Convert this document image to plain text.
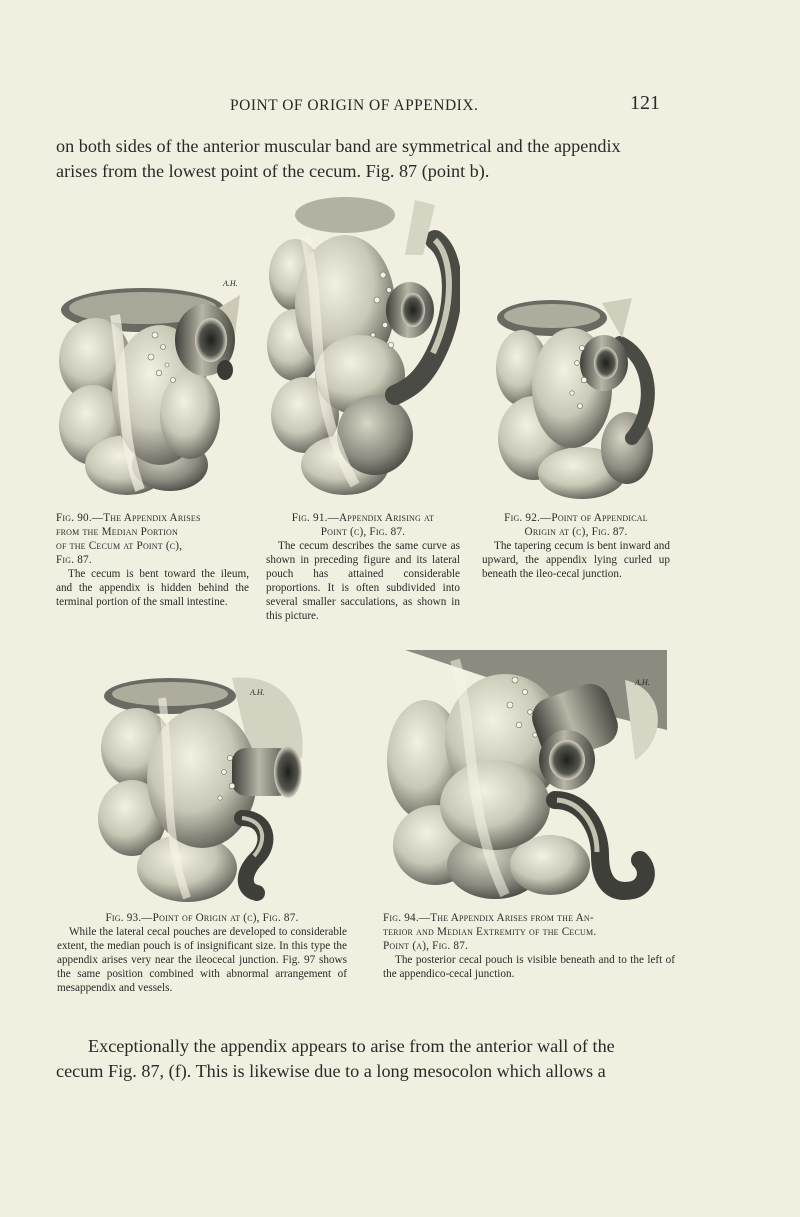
POINT OF ORIGIN OF APPENDIX.	121
on both sides of the anterior muscular band are symmetrical and the appendix
arises from the lowest point of the cecum. Fig. 87 (point b).
A.H.
Fig. 90.—The Appendix Arises
from the Median Portion
of the Cecum at Point (c),
Fig. 87.
The cecum is bent toward the ileum, and the appendix is hidden behind the terminal portion of the small intestine.
Fig. 91.—Appendix Arising at
Point (c), Fig. 87.
The cecum describes the same curve as shown in preceding figure and its lateral pouch has attained considerable proportions. It is often subdivided into several smaller sacculations, as shown in this picture.
Fig. 92.—Point of Appendical
Origin at (c), Fig. 87.
The tapering cecum is bent inward and upward, the appendix lying curled up beneath the ileo-cecal junction.
A.H.
A.H.
Fig. 93.—Point of Origin at (c), Fig. 87.
While the lateral cecal pouches are developed to considerable extent, the median pouch is of insignificant size. In this type the appendix arises very near the ileocecal junction. Fig. 97 shows the same position combined with abnormal arrangement of mesappendix and vessels.
Fig. 94.—The Appendix Arises from the An-
terior and Median Extremity of the Cecum.
Point (a), Fig. 87.
The posterior cecal pouch is visible beneath and to the left of the appendico-cecal junction.
Exceptionally the appendix appears to arise from the anterior wall of the
cecum Fig. 87, (f). This is likewise due to a long mesocolon which allows a
